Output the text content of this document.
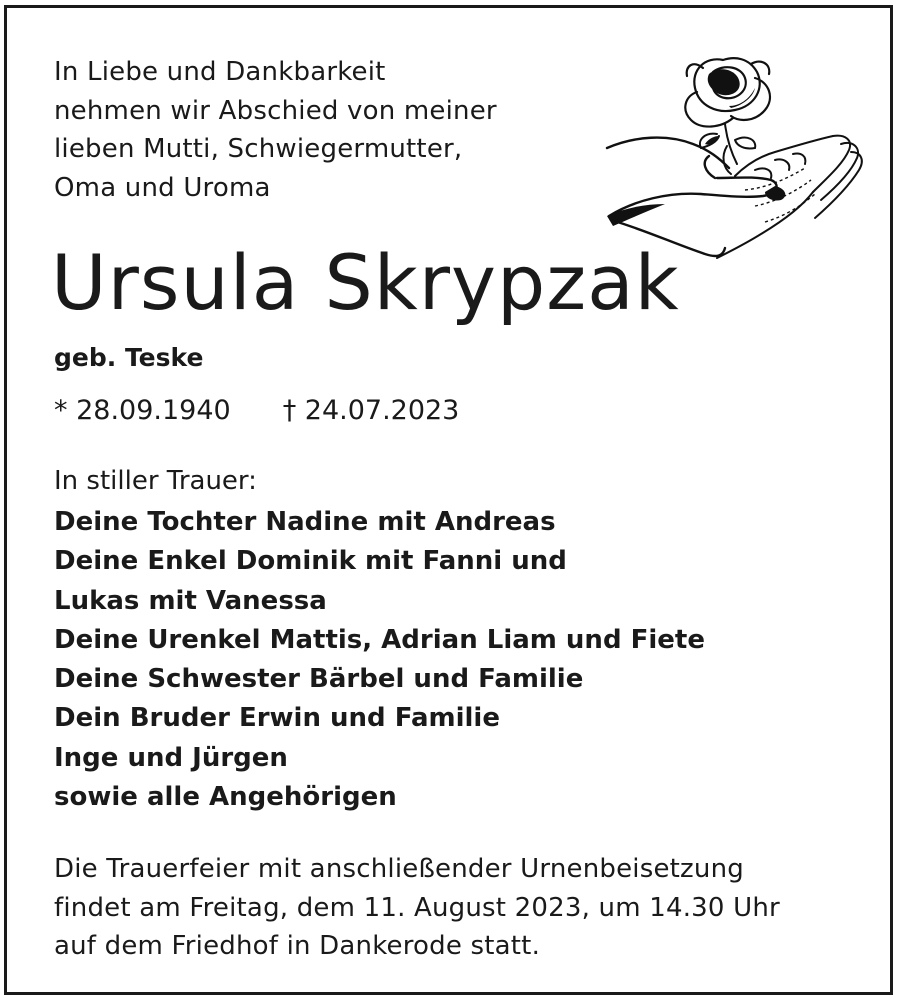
In Liebe und Dankbarkeit
nehmen wir Abschied von meiner
lieben Mutti, Schwiegermutter,
Oma und Uroma
Ursula Skrypzak
geb. Teske
* 28.09.1940 † 24.07.2023
In stiller Trauer:
Deine Tochter Nadine mit Andreas
Deine Enkel Dominik mit Fanni und
Lukas mit Vanessa
Deine Urenkel Mattis, Adrian Liam und Fiete
Deine Schwester Bärbel und Familie
Dein Bruder Erwin und Familie
Inge und Jürgen
sowie alle Angehörigen
Die Trauerfeier mit anschließender Urnenbeisetzung
findet am Freitag, dem 11. August 2023, um 14.30 Uhr
auf dem Friedhof in Dankerode statt.
